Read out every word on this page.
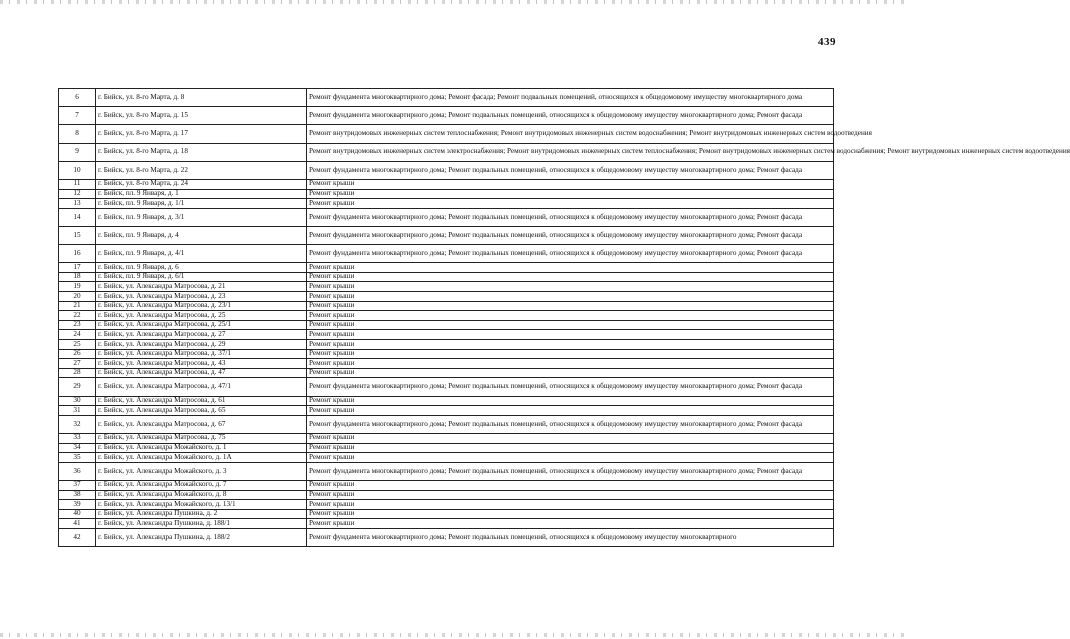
439
6	г. Бийск, ул. 8-го Марта, д. 8	Ремонт фундамента многоквартирного дома; Ремонт фасада; Ремонт подвальных помещений, относящихся к общедомовому имуществу многоквартирного дома
7	г. Бийск, ул. 8-го Марта, д. 15	Ремонт фундамента многоквартирного дома; Ремонт подвальных помещений, относящихся к общедомовому имуществу многоквартирного дома; Ремонт фасада
8	г. Бийск, ул. 8-го Марта, д. 17	Ремонт внутридомовых инженерных систем теплоснабжения; Ремонт внутридомовых инженерных систем водоснабжения; Ремонт внутридомовых инженерных систем водоотведения
9	г. Бийск, ул. 8-го Марта, д. 18	Ремонт внутридомовых инженерных систем электроснабжения; Ремонт внутридомовых инженерных систем теплоснабжения; Ремонт внутридомовых инженерных систем водоснабжения; Ремонт внутридомовых инженерных систем водоотведения
10	г. Бийск, ул. 8-го Марта, д. 22	Ремонт фундамента многоквартирного дома; Ремонт подвальных помещений, относящихся к общедомовому имуществу многоквартирного дома; Ремонт фасада
11	г. Бийск, ул. 8-го Марта, д. 24	Ремонт крыши
12	г. Бийск, пл. 9 Января, д. 1	Ремонт крыши
13	г. Бийск, пл. 9 Января, д. 1/1	Ремонт крыши
14	г. Бийск, пл. 9 Января, д. 3/1	Ремонт фундамента многоквартирного дома; Ремонт подвальных помещений, относящихся к общедомовому имуществу многоквартирного дома; Ремонт фасада
15	г. Бийск, пл. 9 Января, д. 4	Ремонт фундамента многоквартирного дома; Ремонт подвальных помещений, относящихся к общедомовому имуществу многоквартирного дома; Ремонт фасада
16	г. Бийск, пл. 9 Января, д. 4/1	Ремонт фундамента многоквартирного дома; Ремонт подвальных помещений, относящихся к общедомовому имуществу многоквартирного дома; Ремонт фасада
17	г. Бийск, пл. 9 Января, д. 6	Ремонт крыши
18	г. Бийск, пл. 9 Января, д. 6/1	Ремонт крыши
19	г. Бийск, ул. Александра Матросова, д. 21	Ремонт крыши
20	г. Бийск, ул. Александра Матросова, д. 23	Ремонт крыши
21	г. Бийск, ул. Александра Матросова, д. 23/1	Ремонт крыши
22	г. Бийск, ул. Александра Матросова, д. 25	Ремонт крыши
23	г. Бийск, ул. Александра Матросова, д. 25/1	Ремонт крыши
24	г. Бийск, ул. Александра Матросова, д. 27	Ремонт крыши
25	г. Бийск, ул. Александра Матросова, д. 29	Ремонт крыши
26	г. Бийск, ул. Александра Матросова, д. 37/1	Ремонт крыши
27	г. Бийск, ул. Александра Матросова, д. 43	Ремонт крыши
28	г. Бийск, ул. Александра Матросова, д. 47	Ремонт крыши
29	г. Бийск, ул. Александра Матросова, д. 47/1	Ремонт фундамента многоквартирного дома; Ремонт подвальных помещений, относящихся к общедомовому имуществу многоквартирного дома; Ремонт фасада
30	г. Бийск, ул. Александра Матросова, д. 61	Ремонт крыши
31	г. Бийск, ул. Александра Матросова, д. 65	Ремонт крыши
32	г. Бийск, ул. Александра Матросова, д. 67	Ремонт фундамента многоквартирного дома; Ремонт подвальных помещений, относящихся к общедомовому имуществу многоквартирного дома; Ремонт фасада
33	г. Бийск, ул. Александра Матросова, д. 75	Ремонт крыши
34	г. Бийск, ул. Александра Можайского, д. 1	Ремонт крыши
35	г. Бийск, ул. Александра Можайского, д. 1А	Ремонт крыши
36	г. Бийск, ул. Александра Можайского, д. 3	Ремонт фундамента многоквартирного дома; Ремонт подвальных помещений, относящихся к общедомовому имуществу многоквартирного дома; Ремонт фасада
37	г. Бийск, ул. Александра Можайского, д. 7	Ремонт крыши
38	г. Бийск, ул. Александра Можайского, д. 8	Ремонт крыши
39	г. Бийск, ул. Александра Можайского, д. 13/1	Ремонт крыши
40	г. Бийск, ул. Александра Пушкина, д. 2	Ремонт крыши
41	г. Бийск, ул. Александра Пушкина, д. 188/1	Ремонт крыши
42	г. Бийск, ул. Александра Пушкина, д. 188/2	Ремонт фундамента многоквартирного дома; Ремонт подвальных помещений, относящихся к общедомовому имуществу многоквартирного
